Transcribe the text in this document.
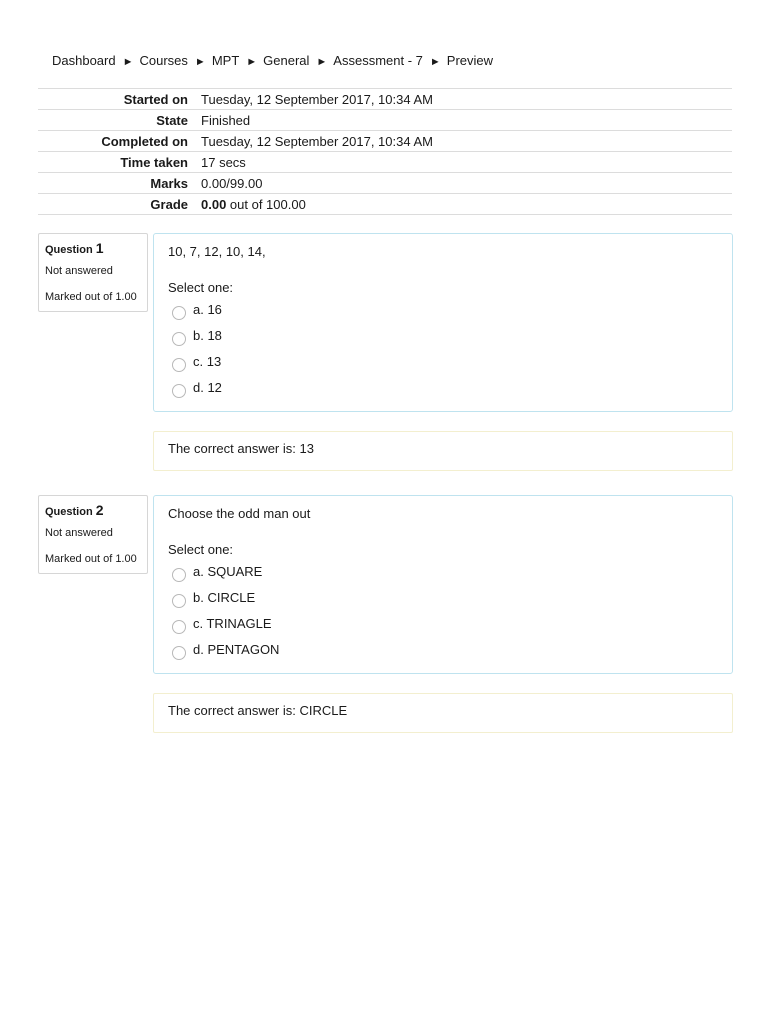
Dashboard ► Courses ► MPT ► General ► Assessment - 7 ► Preview
Started on	Tuesday, 12 September 2017, 10:34 AM
State	Finished
Completed on	Tuesday, 12 September 2017, 10:34 AM
Time taken	17 secs
Marks	0.00/99.00
Grade	0.00 out of 100.00
Question 1
Not answered
Marked out of 1.00
10, 7, 12, 10, 14,
Select one:
a. 16
b. 18
c. 13
d. 12
The correct answer is: 13
Question 2
Not answered
Marked out of 1.00
Choose the odd man out
Select one:
a. SQUARE
b. CIRCLE
c. TRINAGLE
d. PENTAGON
The correct answer is: CIRCLE
